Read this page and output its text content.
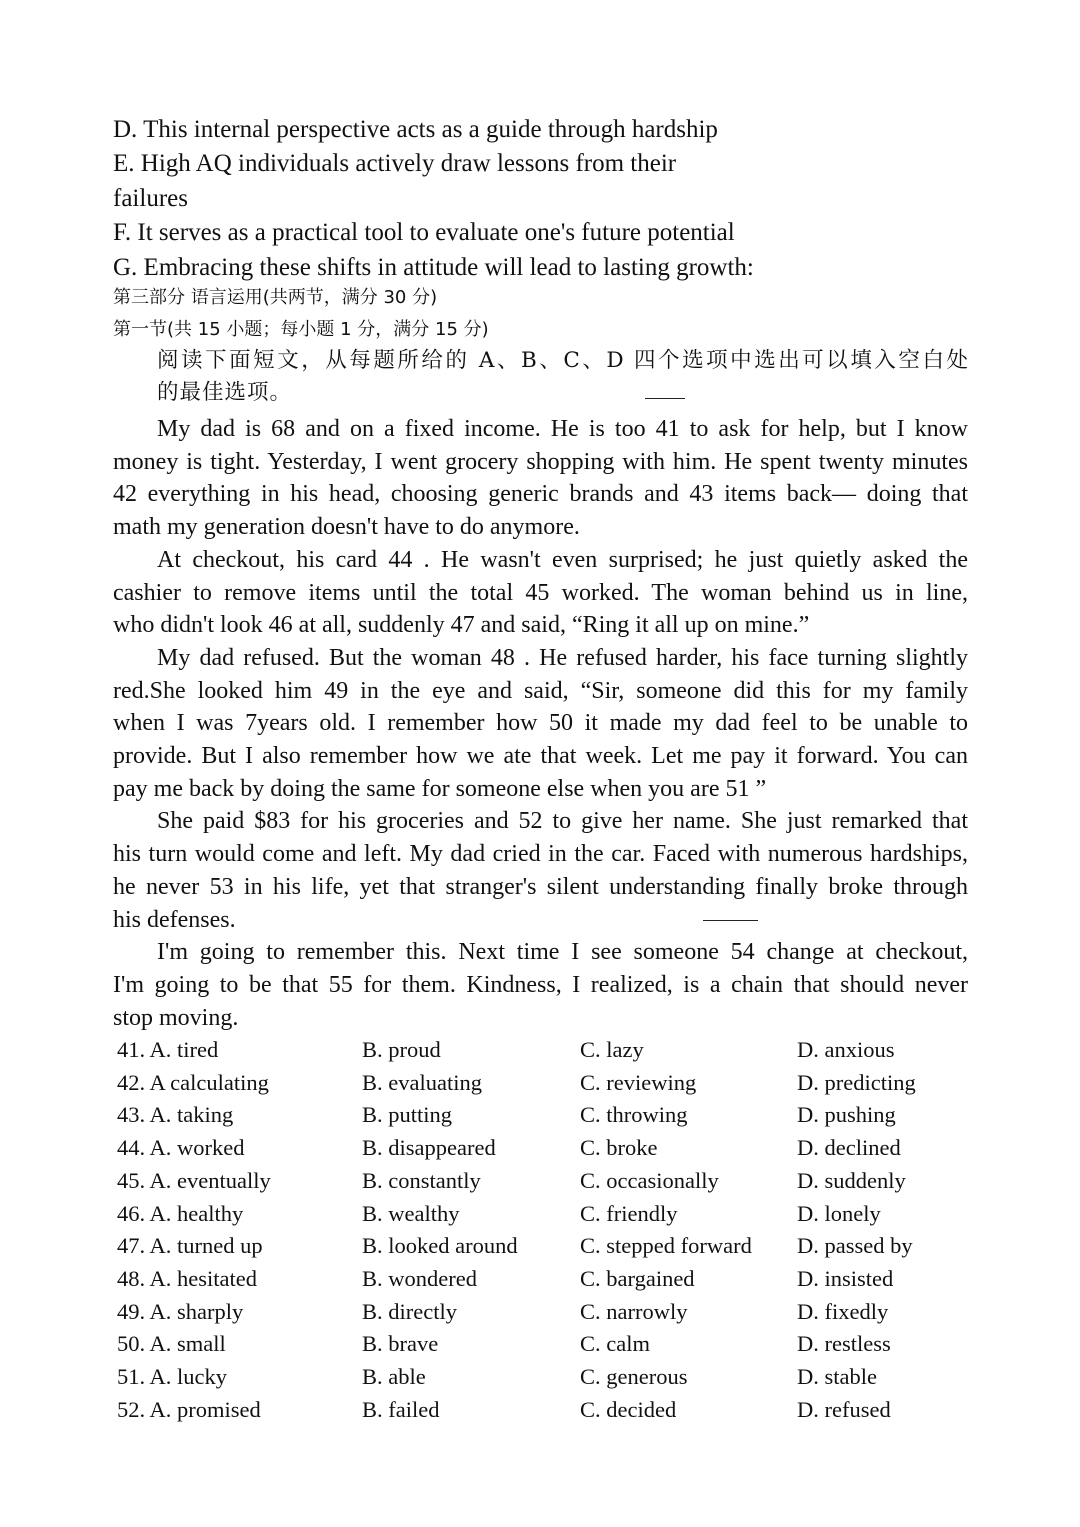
D. This internal perspective acts as a guide through hardship
E. High AQ individuals actively draw lessons from their
failures
F. It serves as a practical tool to evaluate one's future potential
G. Embracing these shifts in attitude will lead to lasting growth:
第三部分 语言运用(共两节，满分 30 分)
第一节(共 15 小题；每小题 1 分，满分 15 分)
阅读下面短文，从每题所给的 A、B、C、D 四个选项中选出可以填入空白处
的最佳选项。
My dad is 68 and on a fixed income. He is too 41 to ask for help, but I know
money is tight. Yesterday, I went grocery shopping with him. He spent twenty minutes
42 everything in his head, choosing generic brands and 43 items back— doing that
math my generation doesn't have to do anymore.
At checkout, his card 44 . He wasn't even surprised; he just quietly asked the
cashier to remove items until the total 45 worked. The woman behind us in line,
who didn't look 46 at all, suddenly 47 and said, “Ring it all up on mine.”
My dad refused. But the woman 48 . He refused harder, his face turning slightly
red.She looked him 49 in the eye and said, “Sir, someone did this for my family
when I was 7years old. I remember how 50 it made my dad feel to be unable to
provide. But I also remember how we ate that week. Let me pay it forward. You can
pay me back by doing the same for someone else when you are 51 ”
She paid $83 for his groceries and 52 to give her name. She just remarked that
his turn would come and left. My dad cried in the car. Faced with numerous hardships,
he never 53 in his life, yet that stranger's silent understanding finally broke through
his defenses.
I'm going to remember this. Next time I see someone 54 change at checkout,
I'm going to be that 55 for them. Kindness, I realized, is a chain that should never
stop moving.
41. A. tired	B. proud	C. lazy	D. anxious
42. A calculating	B. evaluating	C. reviewing	D. predicting
43. A. taking	B. putting	C. throwing	D. pushing
44. A. worked	B. disappeared	C. broke	D. declined
45. A. eventually	B. constantly	C. occasionally	D. suddenly
46. A. healthy	B. wealthy	C. friendly	D. lonely
47. A. turned up	B. looked around	C. stepped forward D. passed by
48. A. hesitated	B. wondered	C. bargained	D. insisted
49. A. sharply	B. directly	C. narrowly	D. fixedly
50. A. small	B. brave	C. calm	D. restless
51. A. lucky	B. able	C. generous	D. stable
52. A. promised	B. failed	C. decided	D. refused
